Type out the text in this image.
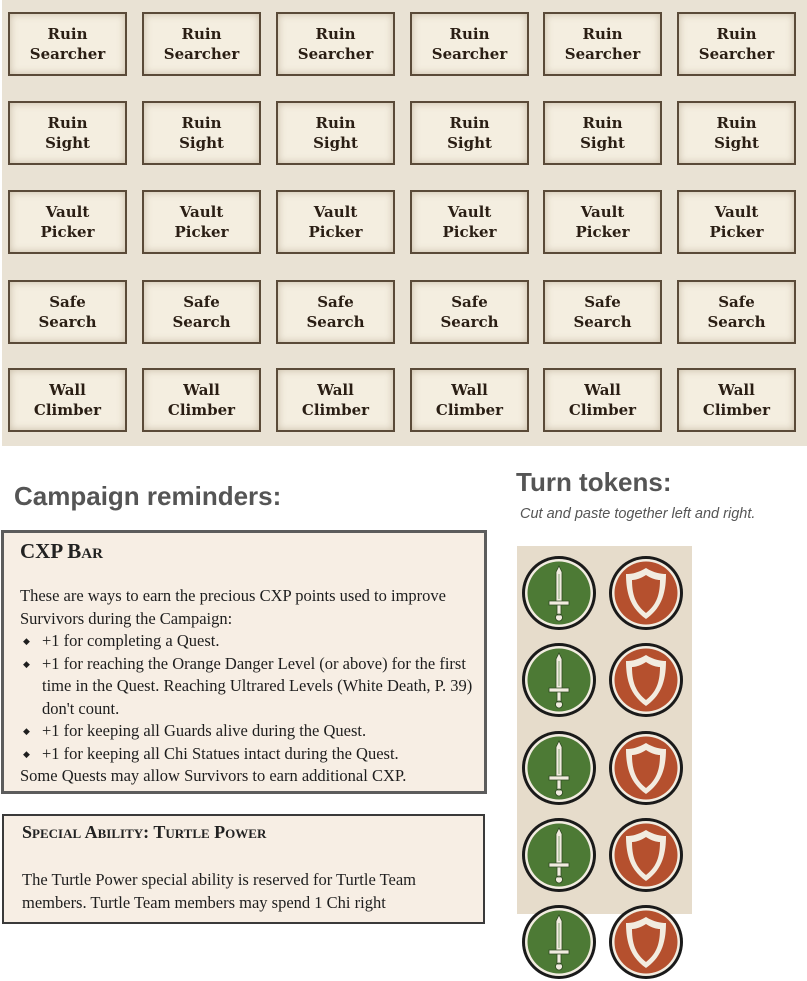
Ruin
Searcher
Ruin
Searcher
Ruin
Searcher
Ruin
Searcher
Ruin
Searcher
Ruin
Searcher
Ruin
Sight
Ruin
Sight
Ruin
Sight
Ruin
Sight
Ruin
Sight
Ruin
Sight
Vault
Picker
Vault
Picker
Vault
Picker
Vault
Picker
Vault
Picker
Vault
Picker
Safe
Search
Safe
Search
Safe
Search
Safe
Search
Safe
Search
Safe
Search
Wall
Climber
Wall
Climber
Wall
Climber
Wall
Climber
Wall
Climber
Wall
Climber
Campaign reminders:	Turn tokens:

Cut and paste together left and right.

CXP Bar

These are ways to earn the precious CXP points used to improve Survivors during the Campaign:

◆ +1 for completing a Quest.
◆ +1 for reaching the Orange Danger Level (or above) for the first time in the Quest. Reaching Ultrared Levels (White Death, P. 39) don't count.
◆ +1 for keeping all Guards alive during the Quest.
◆ +1 for keeping all Chi Statues intact during the Quest.

Some Quests may allow Survivors to earn additional CXP.

Special Ability: Turtle Power

The Turtle Power special ability is reserved for Turtle Team members. Turtle Team members may spend 1 Chi right
